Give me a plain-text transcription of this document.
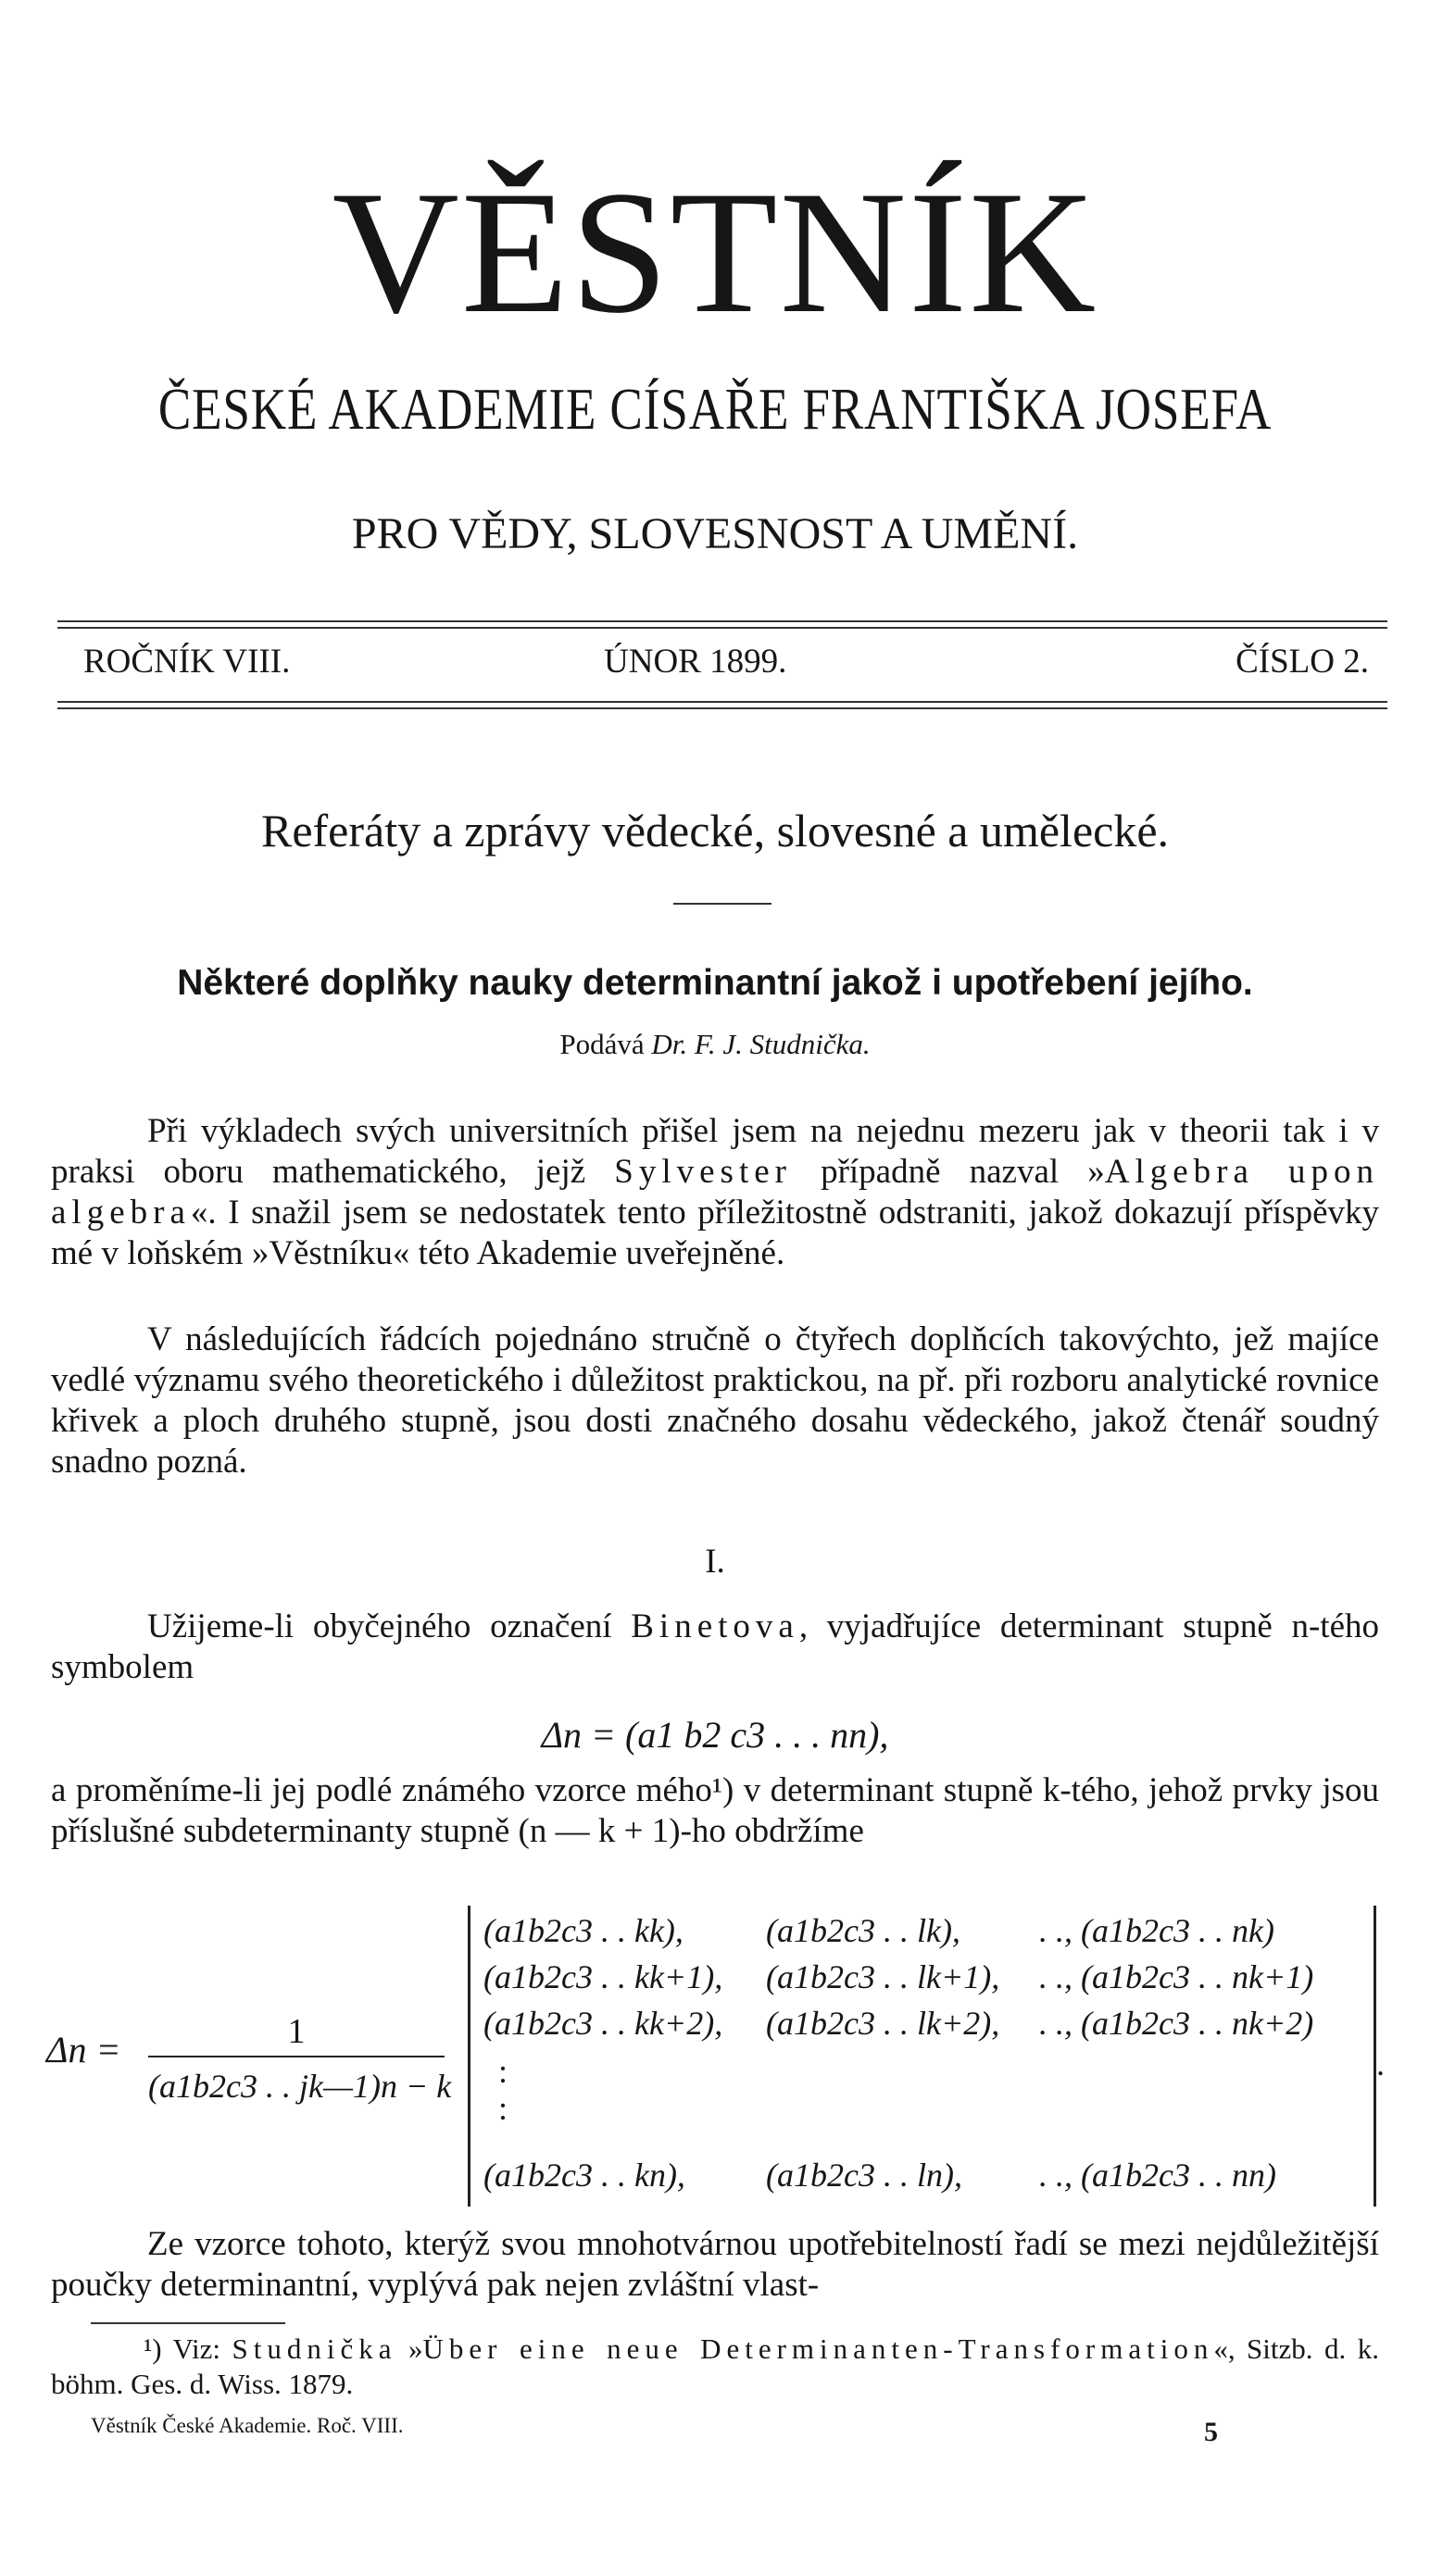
VĚSTNÍK
ČESKÉ AKADEMIE CÍSAŘE FRANTIŠKA JOSEFA
PRO VĚDY, SLOVESNOST A UMĚNÍ.
ROČNÍK VIII.	ÚNOR 1899.	ČÍSLO 2.
Referáty a zprávy vědecké, slovesné a umělecké.
Některé doplňky nauky determinantní jakož i upotřebení jejího.
Podává Dr. F. J. Studnička.

Při výkladech svých universitních přišel jsem na nejednu mezeru jak v theorii tak i v praksi oboru mathematického, jejž Sylvester případně nazval »Algebra upon algebra«. I snažil jsem se nedostatek tento příležitostně odstraniti, jakož dokazují příspěvky mé v loňském »Věstníku« této Akademie uveřejněné.

V následujících řádcích pojednáno stručně o čtyřech doplňcích takovýchto, jež majíce vedlé významu svého theoretického i důležitost praktickou, na př. při rozboru analytické rovnice křivek a ploch druhého stupně, jsou dosti značného dosahu vědeckého, jakož čtenář soudný snadno pozná.

I.

Užijeme-li obyčejného označení Binetova, vyjadřujíce determinant stupně n-tého symbolem

Δn = (a1 b2 c3 . . . nn),

a proměníme-li jej podlé známého vzorce mého¹) v determinant stupně k-tého, jehož prvky jsou příslušné subdeterminanty stupně (n — k + 1)-ho obdržíme

Δn =	1
(a1b2c3 . . jk—1)n − k
(a1b2c3 . . kk), (a1b2c3 . . lk), . ., (a1b2c3 . . nk)
(a1b2c3 . . kk+1), (a1b2c3 . . lk+1), . ., (a1b2c3 . . nk+1)
(a1b2c3 . . kk+2), (a1b2c3 . . lk+2), . ., (a1b2c3 . . nk+2)
:
:
(a1b2c3 . . kn), (a1b2c3 . . ln), . ., (a1b2c3 . . nn)
.

Ze vzorce tohoto, kterýž svou mnohotvárnou upotřebitelností řadí se mezi nejdůležitější poučky determinantní, vyplývá pak nejen zvláštní vlast-

¹) Viz: Studnička »Über eine neue Determinanten-Transformation«, Sitzb. d. k. böhm. Ges. d. Wiss. 1879.

Věstník České Akademie. Roč. VIII.	5
